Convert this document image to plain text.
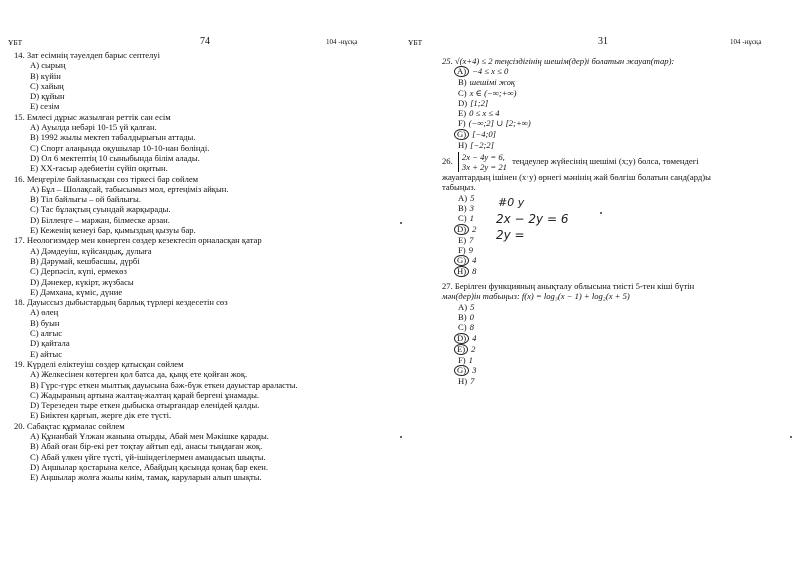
ҰБТ	74	104 -нұсқа
14. Зат есімнің тәуелдеп барыс септелуі
A) сырың
B) күйін
C) хайың
D) құйын
E) сезім
15. Емлесі дұрыс жазылған реттік сан есім
A) Ауылда небәрі 10-15 үй қалған.
B) 1992 жылы мектеп табалдырығын аттады.
C) Спорт алаңында оқушылар 10-10-нан бөлінді.
D) Ол 6 мектептің 10 сыныбында білім алады.
E) XX-ғасыр әдебиетін сүйіп оқитын.
16. Меңгеріле байланысқан сөз тіркесі бар сөйлем
A) Бұл – Шолақсай, табысымыз мол, ертеңіміз айқын.
B) Тіл байлығы – ой байлығы.
C) Тас бұлақтың суындай жарқырады.
D) Біллеңге – маржан, білмеске арзан.
E) Кеженің кенеуі бар, қымыздың қызуы бар.
17. Неологизмдер мен көнерген сөздер кезектесіп орналасқан қатар
A) Дәмдеуіш, күйсандық, дулыға
B) Дәрумай, кешбасшы, дүрбі
C) Дерпәсіл, күпі, ермекөз
D) Дәнекер, күкірт, жүзбасы
E) Дәмхана, күміс, дүние
18. Дауыссыз дыбыстардың барлық түрлері кездесетін сөз
A) өлең
B) буын
C) алғыс
D) қайтала
E) айтыс
19. Күрделі еліктеуіш сөздер қатысқан сөйлем
A) Желкесінен көтерген қол батса да, қыңқ ете қойған жоқ.
B) Гүрс-гүрс еткен мылтық дауысына бәж-бүж еткен дауыстар араласты.
C) Жадыраның артына жалтаң-жалтаң қарай бергені ұнамады.
D) Терезеден тыре еткен дыбыска отырғандар еленідей қалды.
E) Биіктен қарғып, жерге дік ете түсті.
20. Сабақтас құрмалас сөйлем
A) Құнанбай Ұлжан жанына отырды, Абай мен Мәкішке қарады.
B) Абай оған бір-екі рет тоқтау айтып еді, анасы тыңдаған жоқ.
C) Абай үлкен үйге түсті, үй-ішіндегілермен амандасып шықты.
D) Аңшылар қостарына келсе, Абайдың қасында қонақ бар екен.
E) Аңшылар жолға жылы киім, тамақ, каруларын алып шықты.
ҰБТ	31	104 -нұсқа
25. √(x+4) ≤ 2 теңсіздігінің шешім(дер)і болатын жауап(тар):
A) −4 ≤ x ≤ 0
B) шешімі жоқ
C) x ∈ (−∞;+∞)
D) [1;2]
E) 0 ≤ x ≤ 4
F) (−∞;2] ∪ [2;+∞)
G) [−4;0]
H) [−2;2]
26. 2x − 4y = 6,
3x + 2y = 21
теңдеулер жүйесінің шешімі (x;y) болса, төмендегі
жауаптардың ішінен (x·y) өрнегі мәнінің жай бөлгіш болатын санд(ард)ы
табыңыз.
A) 5
B) 3
C) 1
D) 2
E) 7
F) 9
G) 4
H) 8
27. Берілген функцияның анықталу облысына тиісті 5-тен кіші бүтін
мән(дер)ін табыңыз: f(x) = log₃(x − 1) + log₂(x + 5)
A) 5
B) 0
C) 8
D) 4
E) 2
F) 1
G) 3
H) 7
#0 y
2x − 2y = 6
2y =
